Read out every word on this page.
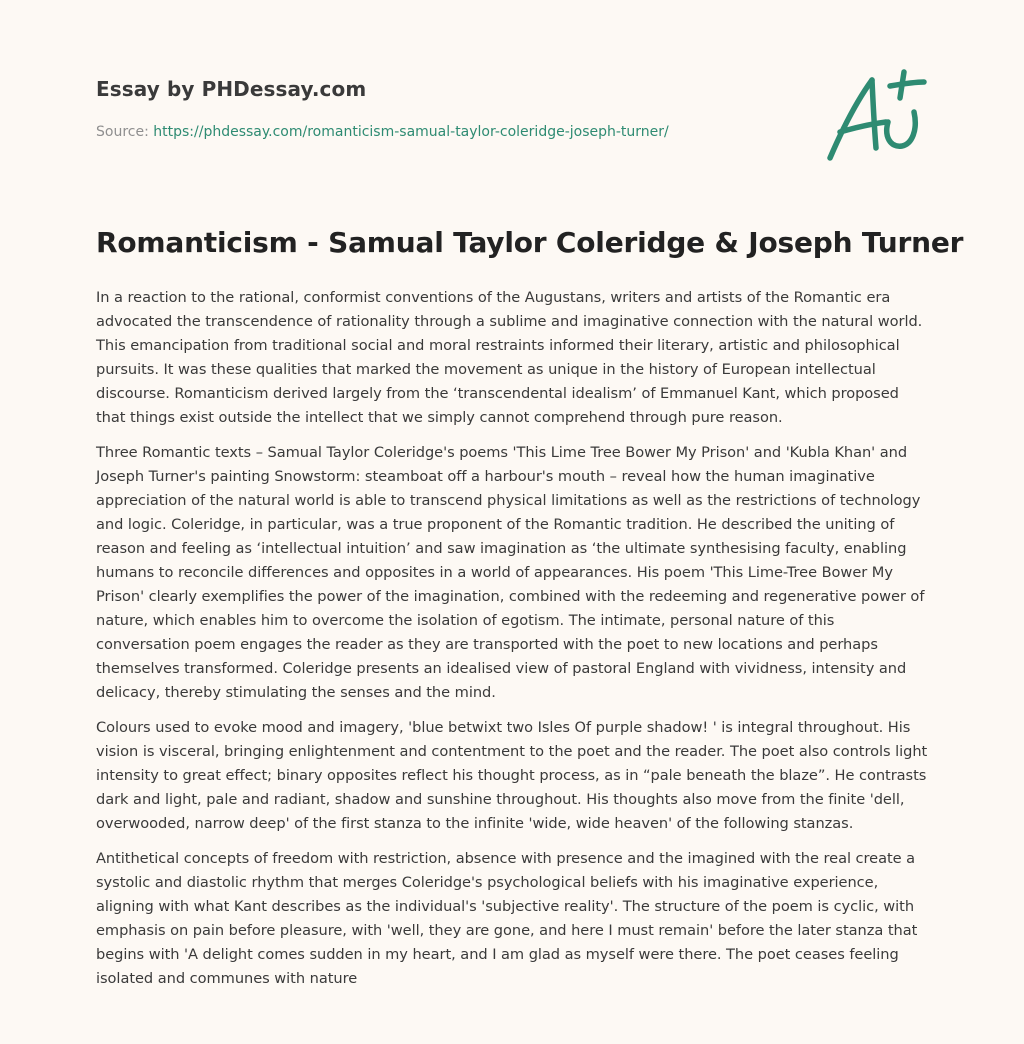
Essay by PHDessay.com
Source: https://phdessay.com/romanticism-samual-taylor-coleridge-joseph-turner/
Romanticism - Samual Taylor Coleridge & Joseph Turner

In a reaction to the rational, conformist conventions of the Augustans, writers and artists of the Romantic era advocated the transcendence of rationality through a sublime and imaginative connection with the natural world. This emancipation from traditional social and moral restraints informed their literary, artistic and philosophical pursuits. It was these qualities that marked the movement as unique in the history of European intellectual discourse. Romanticism derived largely from the ‘transcendental idealism’ of Emmanuel Kant, which proposed that things exist outside the intellect that we simply cannot comprehend through pure reason.

Three Romantic texts – Samual Taylor Coleridge's poems 'This Lime Tree Bower My Prison' and 'Kubla Khan' and Joseph Turner's painting Snowstorm: steamboat off a harbour's mouth – reveal how the human imaginative appreciation of the natural world is able to transcend physical limitations as well as the restrictions of technology and logic. Coleridge, in particular, was a true proponent of the Romantic tradition. He described the uniting of reason and feeling as ‘intellectual intuition’ and saw imagination as ‘the ultimate synthesising faculty, enabling humans to reconcile differences and opposites in a world of appearances. His poem 'This Lime-Tree Bower My Prison' clearly exemplifies the power of the imagination, combined with the redeeming and regenerative power of nature, which enables him to overcome the isolation of egotism. The intimate, personal nature of this conversation poem engages the reader as they are transported with the poet to new locations and perhaps themselves transformed. Coleridge presents an idealised view of pastoral England with vividness, intensity and delicacy, thereby stimulating the senses and the mind.

Colours used to evoke mood and imagery, 'blue betwixt two Isles Of purple shadow! ' is integral throughout. His vision is visceral, bringing enlightenment and contentment to the poet and the reader. The poet also controls light intensity to great effect; binary opposites reflect his thought process, as in “pale beneath the blaze”. He contrasts dark and light, pale and radiant, shadow and sunshine throughout. His thoughts also move from the finite 'dell, overwooded, narrow deep' of the first stanza to the infinite 'wide, wide heaven' of the following stanzas.

Antithetical concepts of freedom with restriction, absence with presence and the imagined with the real create a systolic and diastolic rhythm that merges Coleridge's psychological beliefs with his imaginative experience, aligning with what Kant describes as the individual's 'subjective reality'. The structure of the poem is cyclic, with emphasis on pain before pleasure, with 'well, they are gone, and here I must remain' before the later stanza that begins with 'A delight comes sudden in my heart, and I am glad as myself were there. The poet ceases feeling isolated and communes with nature
